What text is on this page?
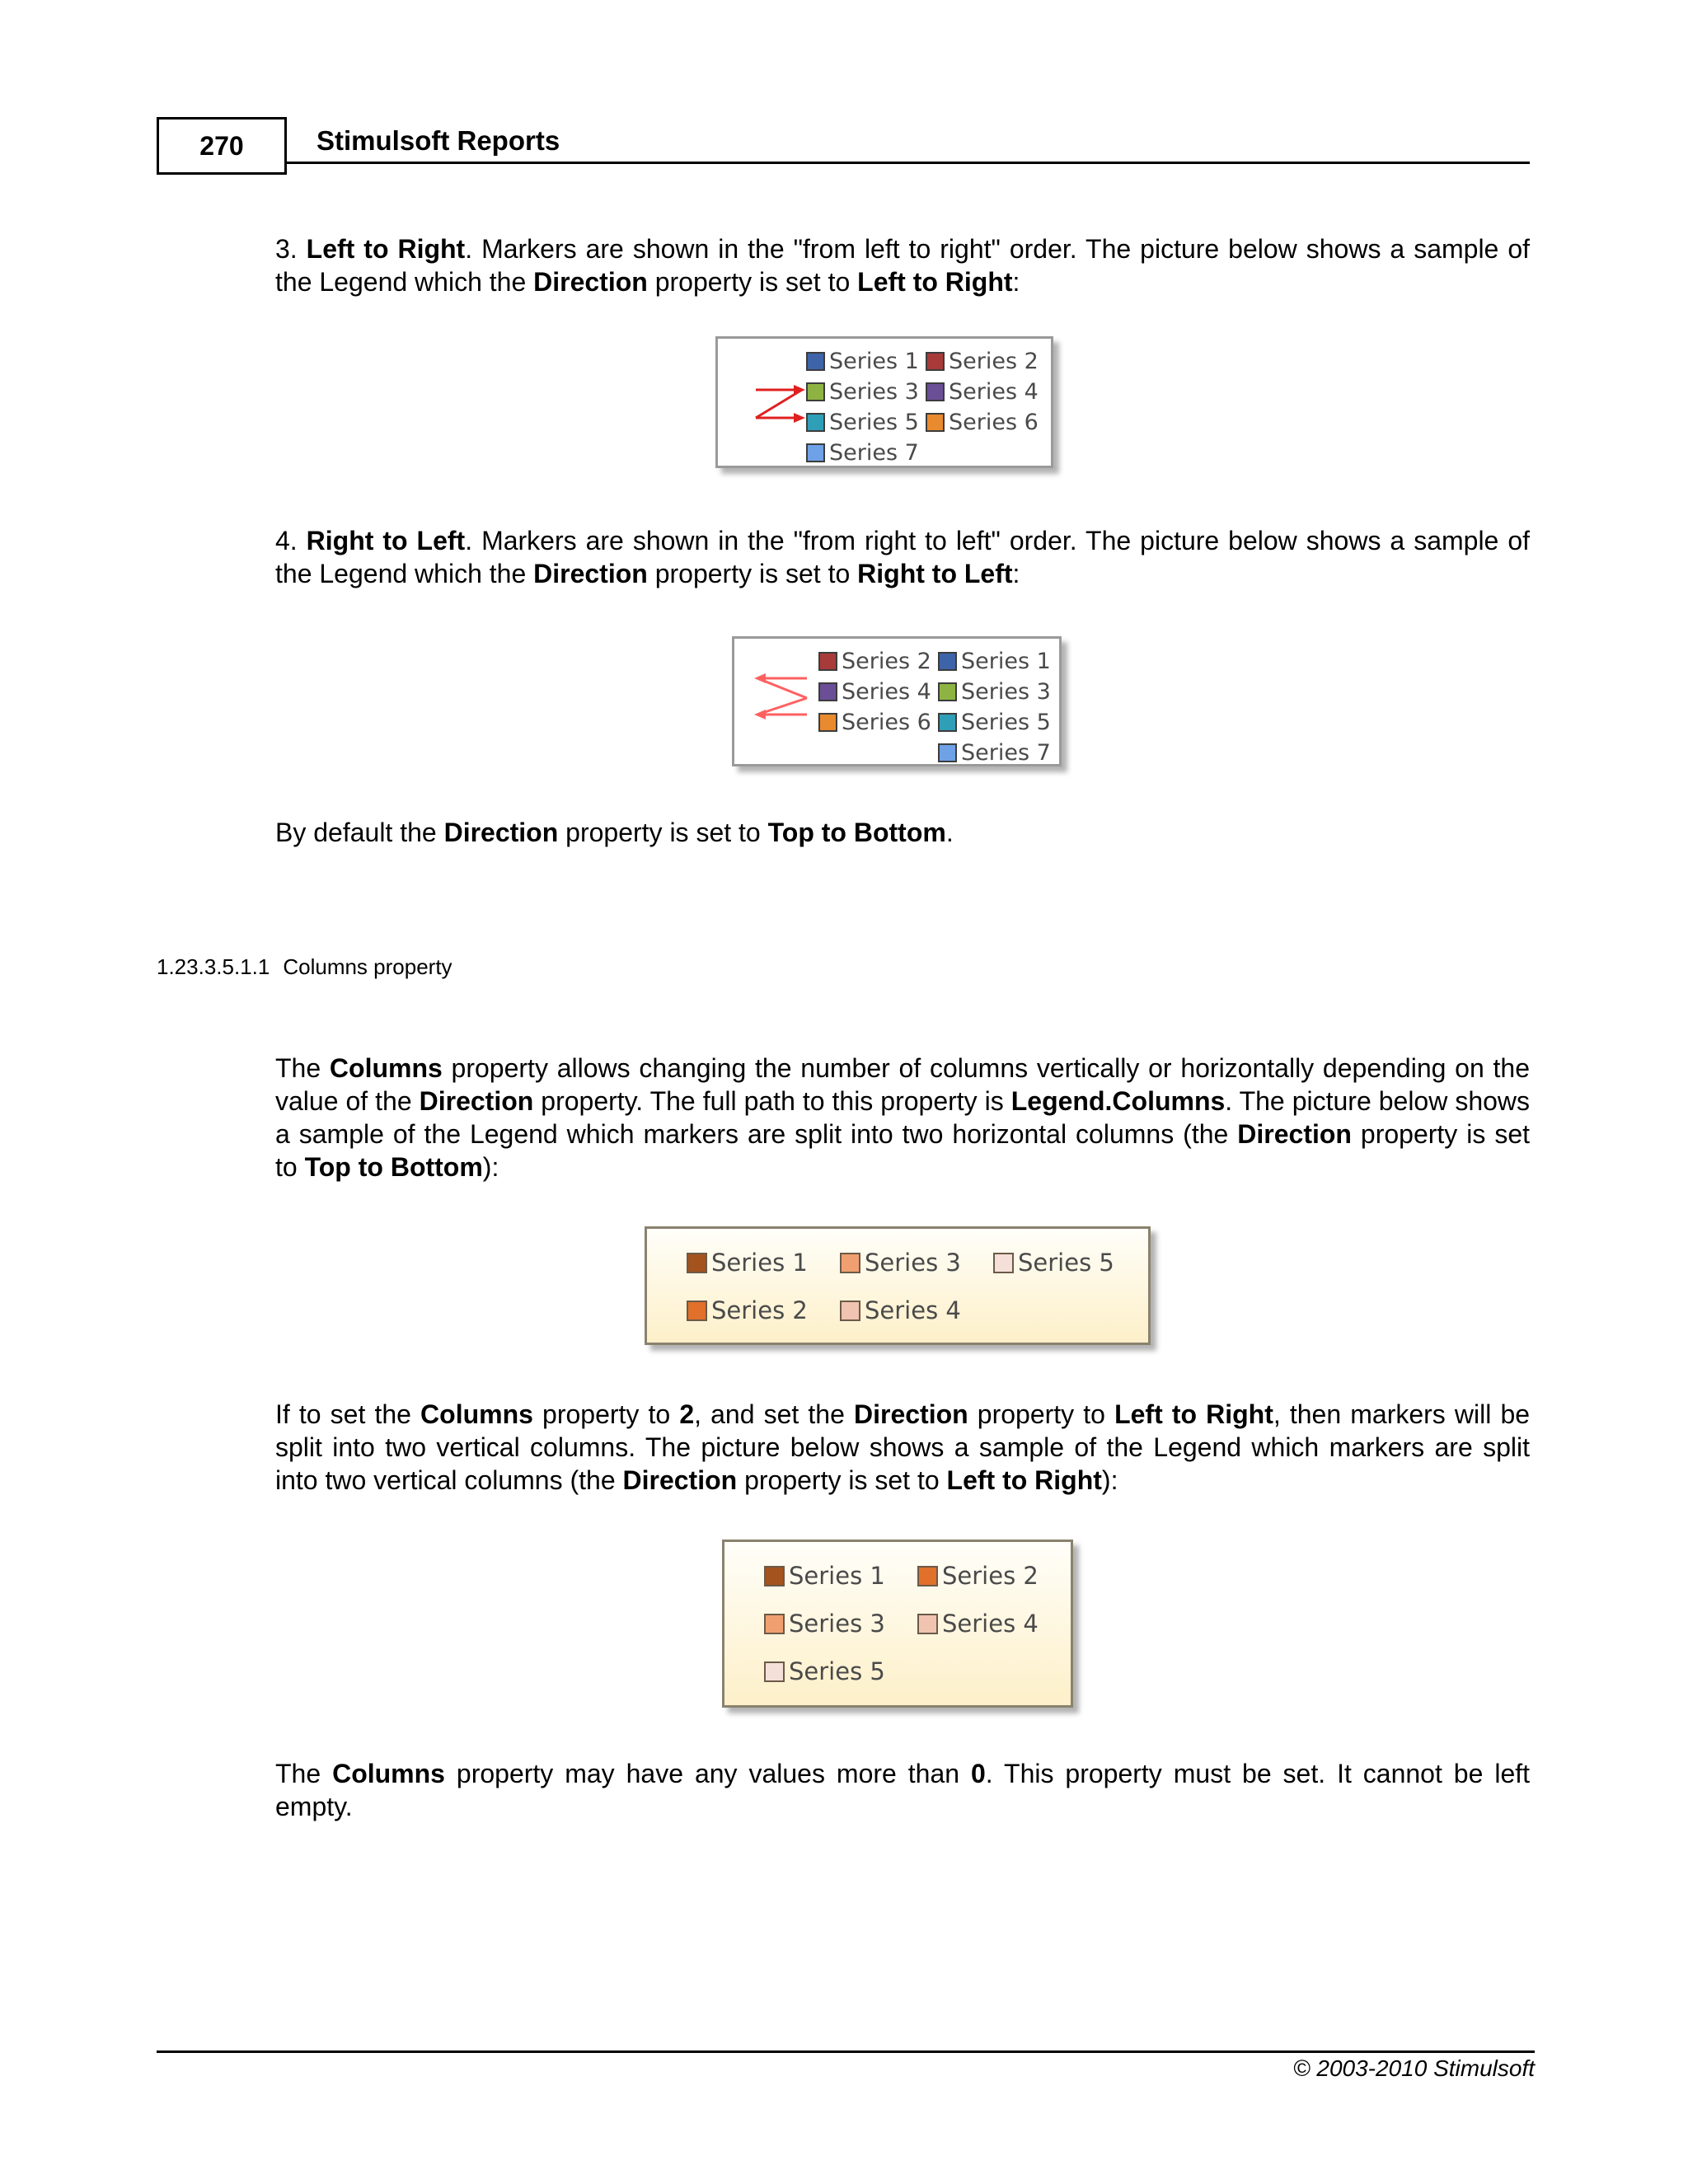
270	Stimulsoft Reports

3. Left to Right. Markers are shown in the "from left to right" order. The picture below shows a sample of the Legend which the Direction property is set to Left to Right:

Series 1 Series 2
Series 3 Series 4
Series 5 Series 6
Series 7

4. Right to Left. Markers are shown in the "from right to left" order. The picture below shows a sample of the Legend which the Direction property is set to Right to Left:

Series 2 Series 1
Series 4 Series 3
Series 6 Series 5
Series 7

By default the Direction property is set to Top to Bottom.

1.23.3.5.1.1 Columns property

The Columns property allows changing the number of columns vertically or horizontally depending on the value of the Direction property. The full path to this property is Legend.Columns. The picture below shows a sample of the Legend which markers are split into two horizontal columns (the Direction property is set to Top to Bottom):

Series 1 Series 3 Series 5
Series 2 Series 4

If to set the Columns property to 2, and set the Direction property to Left to Right, then markers will be split into two vertical columns. The picture below shows a sample of the Legend which markers are split into two vertical columns (the Direction property is set to Left to Right):

Series 1 Series 2
Series 3 Series 4
Series 5

The Columns property may have any values more than 0. This property must be set. It cannot be left empty.

© 2003-2010 Stimulsoft
